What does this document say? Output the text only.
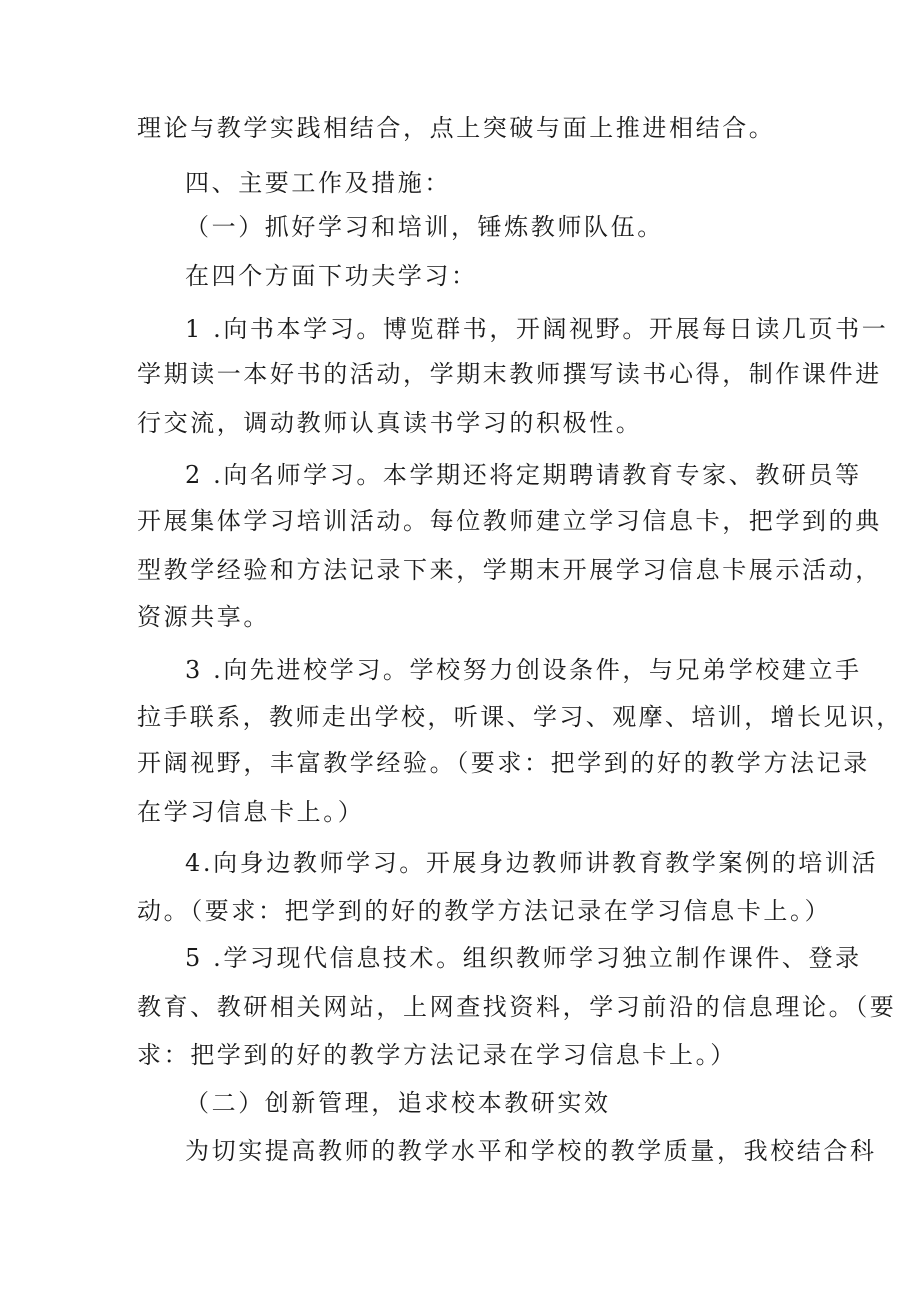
理论与教学实践相结合，点上突破与面上推进相结合。
四、主要工作及措施：
（一）抓好学习和培训，锤炼教师队伍。
在四个方面下功夫学习：
1 .向书本学习。博览群书，开阔视野。开展每日读几页书一
学期读一本好书的活动，学期末教师撰写读书心得，制作课件进
行交流，调动教师认真读书学习的积极性。
2 .向名师学习。本学期还将定期聘请教育专家、教研员等
开展集体学习培训活动。每位教师建立学习信息卡，把学到的典
型教学经验和方法记录下来，学期末开展学习信息卡展示活动，
资源共享。
3 .向先进校学习。学校努力创设条件，与兄弟学校建立手
拉手联系，教师走出学校，听课、学习、观摩、培训，增长见识，
开阔视野，丰富教学经验。（要求：把学到的好的教学方法记录
在学习信息卡上。）
4.向身边教师学习。开展身边教师讲教育教学案例的培训活
动。（要求：把学到的好的教学方法记录在学习信息卡上。）
5 .学习现代信息技术。组织教师学习独立制作课件、登录
教育、教研相关网站，上网查找资料，学习前沿的信息理论。（要
求：把学到的好的教学方法记录在学习信息卡上。）
（二）创新管理，追求校本教研实效
为切实提高教师的教学水平和学校的教学质量，我校结合科
